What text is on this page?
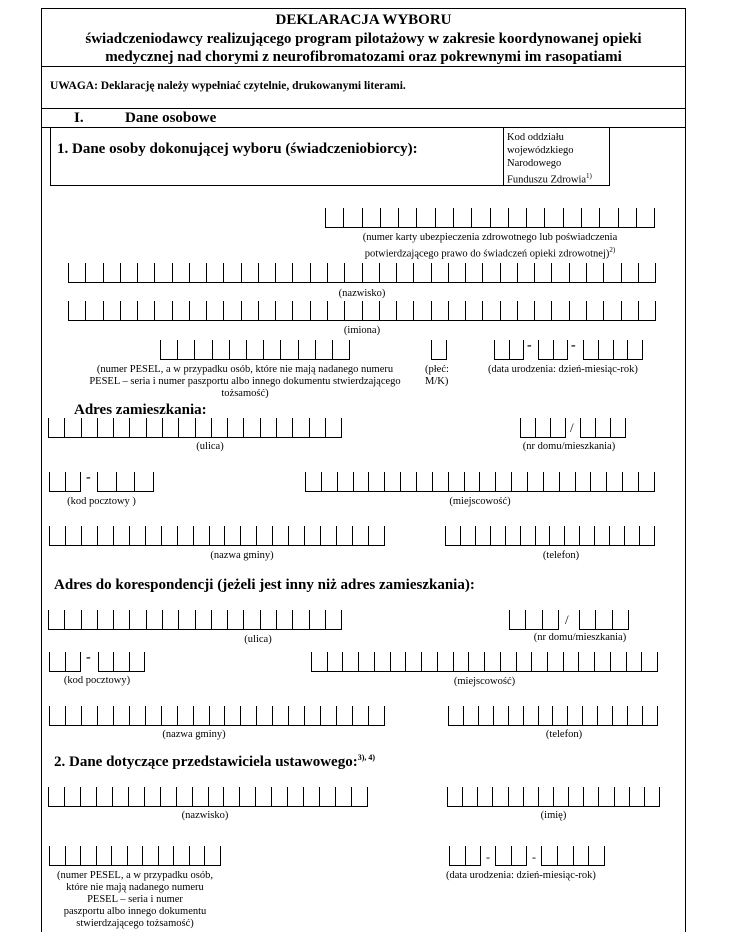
DEKLARACJA WYBORU
świadczeniodawcy realizującego program pilotażowy w zakresie koordynowanej opieki
medycznej nad chorymi z neurofibromatozami oraz pokrewnymi im rasopatiami
UWAGA: Deklarację należy wypełniać czytelnie, drukowanymi literami.
I.	Dane osobowe
1. Dane osoby dokonującej wyboru (świadczeniobiorcy):
Kod oddziału
wojewódzkiego
Narodowego
Funduszu Zdrowia$^{1)}$
(numer karty ubezpieczenia zdrowotnego lub poświadczenia
potwierdzającego prawo do świadczeń opieki zdrowotnej)$^{2)}$
(nazwisko)
(imiona)
(numer PESEL, a w przypadku osób, które nie mają nadanego numeru
PESEL – seria i numer paszportu albo innego dokumentu stwierdzającego
tożsamość)
(płeć:
M/K)
-	-
(data urodzenia: dzień-miesiąc-rok)
Adres zamieszkania:
(ulica)
/
(nr domu/mieszkania)
-
(kod pocztowy )	(miejscowość)
(nazwa gminy)	(telefon)
Adres do korespondencji (jeżeli jest inny niż adres zamieszkania):
(ulica)
/
(nr domu/mieszkania)
-
(kod pocztowy)	(miejscowość)
(nazwa gminy)	(telefon)
2. Dane dotyczące przedstawiciela ustawowego:$^{3), 4)}$
(nazwisko)	(imię)
(numer PESEL, a w przypadku osób,
które nie mają nadanego numeru
PESEL – seria i numer
paszportu albo innego dokumentu
stwierdzającego tożsamość)
-	-
(data urodzenia: dzień-miesiąc-rok)
